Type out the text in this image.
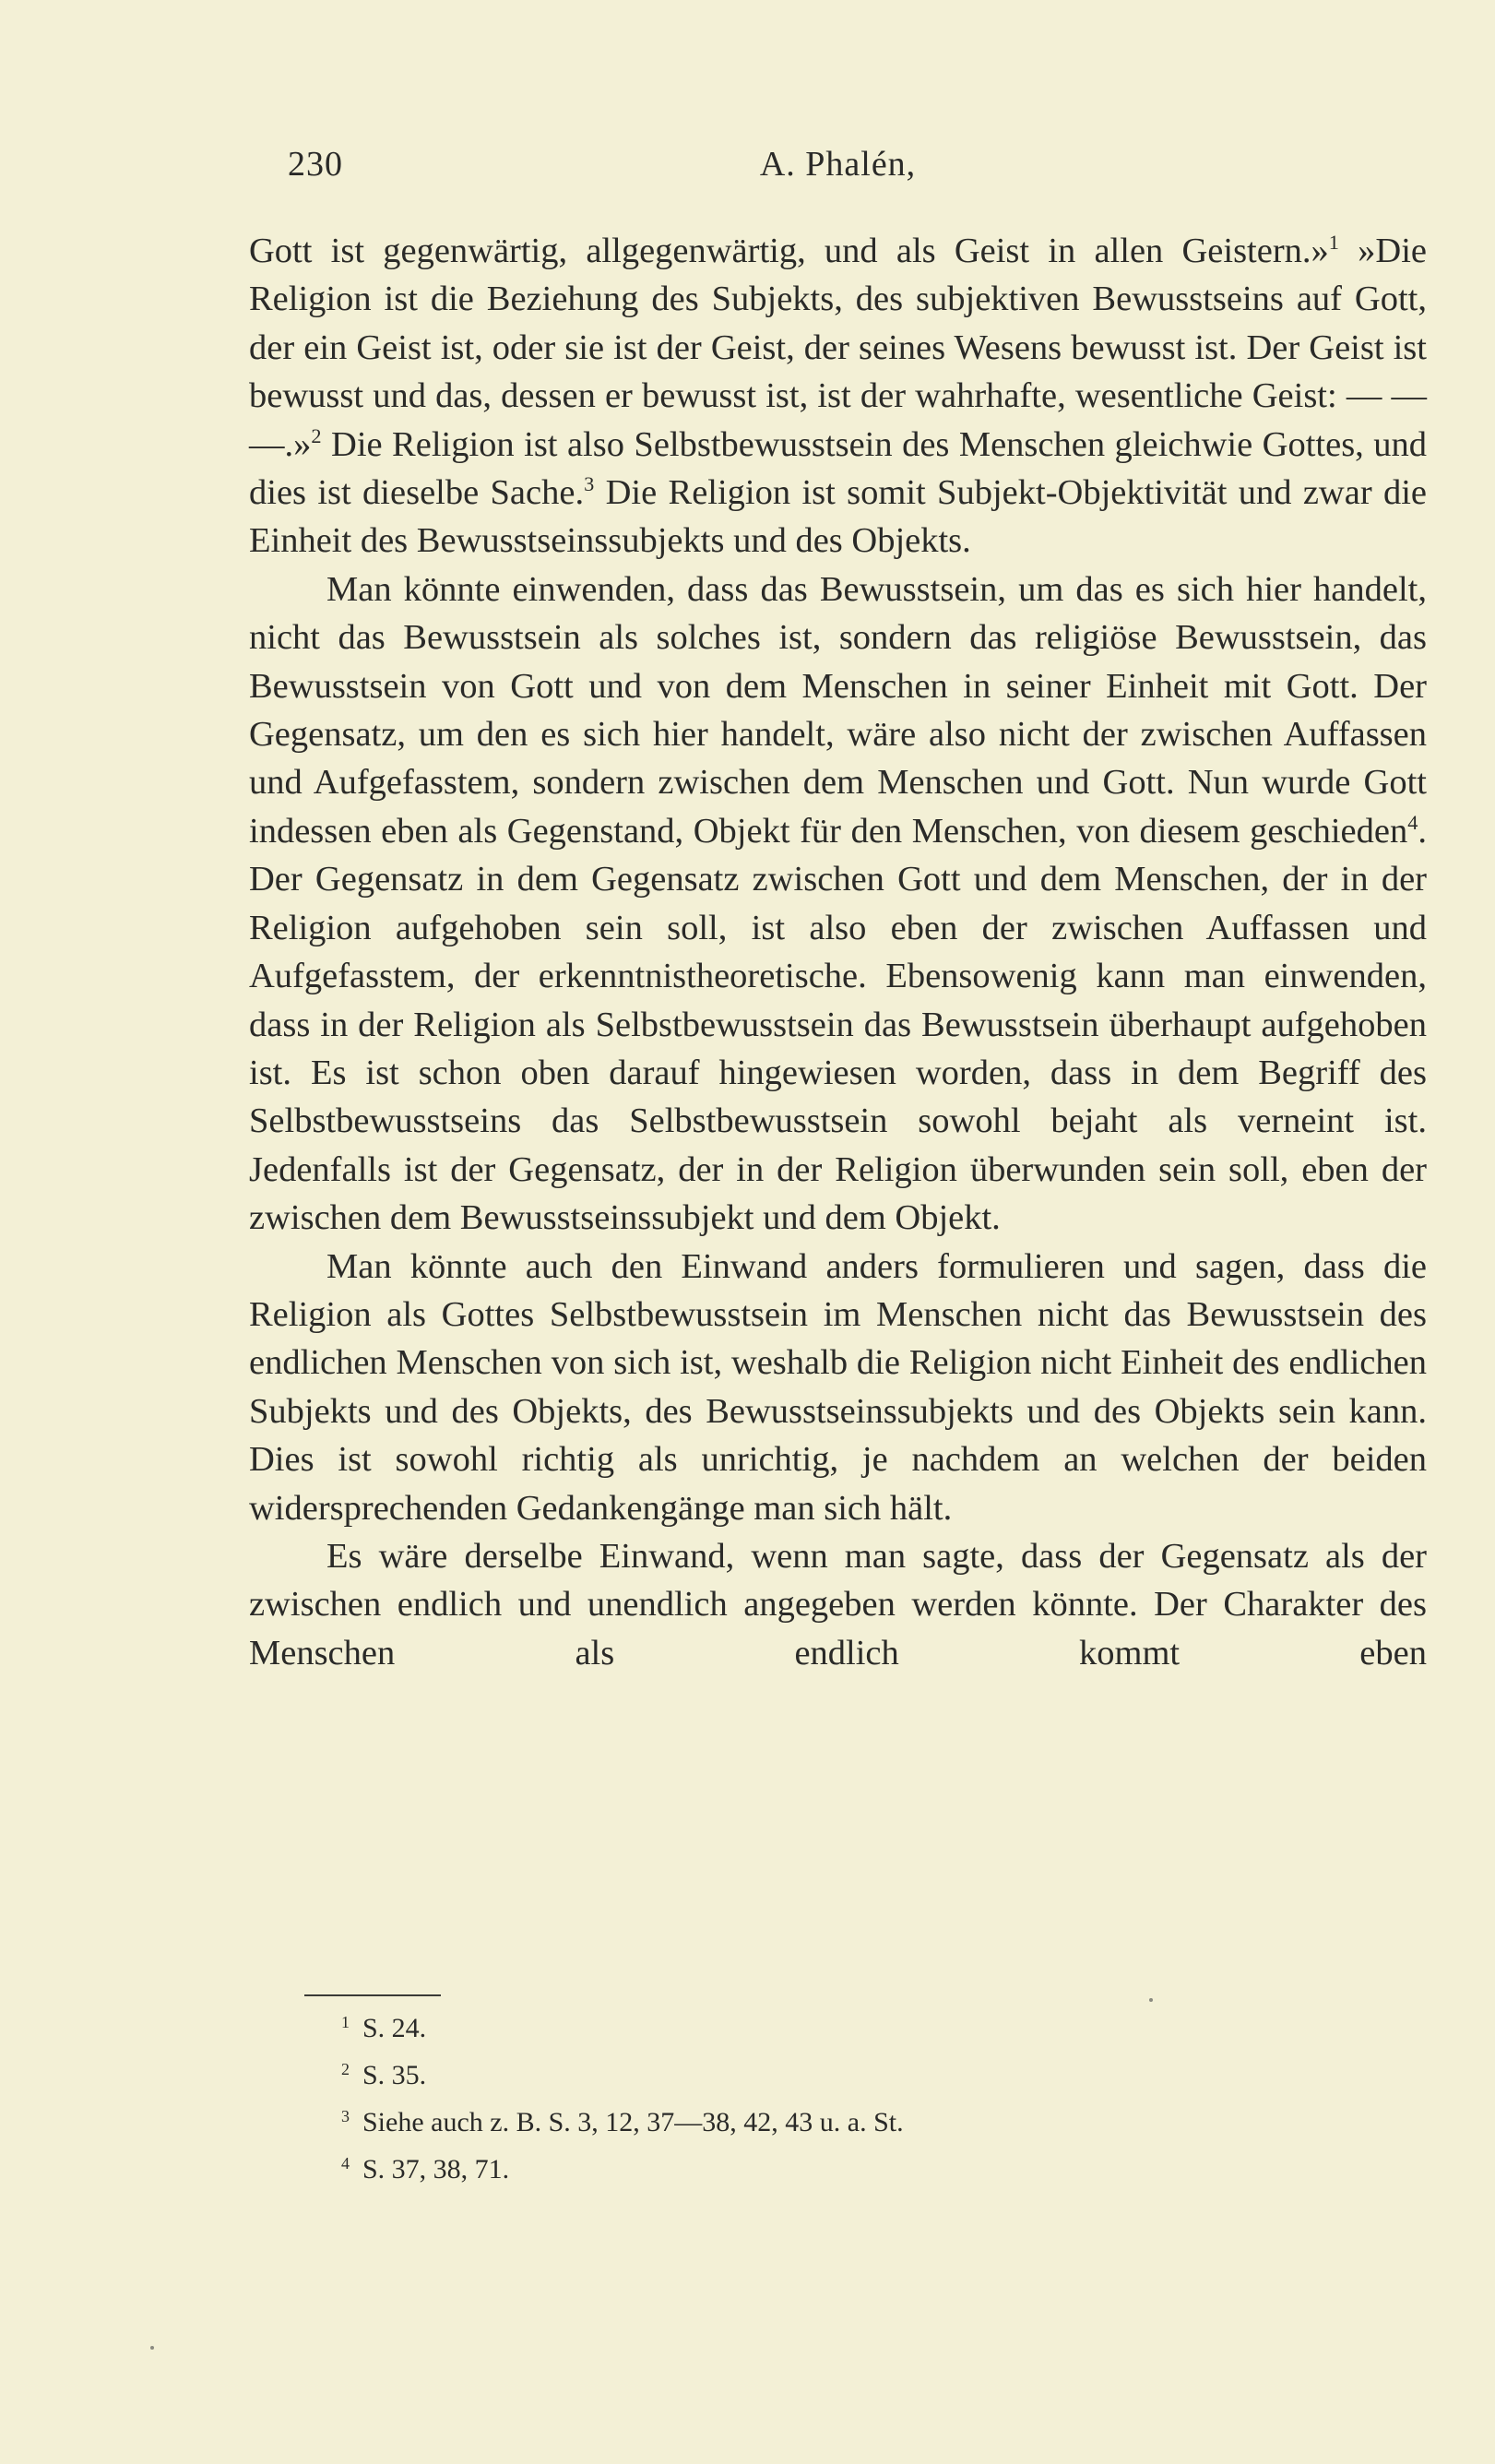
230	A. Phalén,

Gott ist gegenwärtig, allgegenwärtig, und als Geist in allen Geistern.»$^1$ »Die Religion ist die Beziehung des Subjekts, des subjektiven Bewusstseins auf Gott, der ein Geist ist, oder sie ist der Geist, der seines Wesens bewusst ist. Der Geist ist bewusst und das, dessen er bewusst ist, ist der wahrhafte, wesentliche Geist: — — —.»$^2$ Die Religion ist also Selbstbewusstsein des Menschen gleichwie Gottes, und dies ist dieselbe Sache.$^3$ Die Religion ist somit Subjekt-Objektivität und zwar die Einheit des Bewusstseinssubjekts und des Objekts.

Man könnte einwenden, dass das Bewusstsein, um das es sich hier handelt, nicht das Bewusstsein als solches ist, sondern das religiöse Bewusstsein, das Bewusstsein von Gott und von dem Menschen in seiner Einheit mit Gott. Der Gegensatz, um den es sich hier handelt, wäre also nicht der zwischen Auffassen und Aufgefasstem, sondern zwischen dem Menschen und Gott. Nun wurde Gott indessen eben als Gegenstand, Objekt für den Menschen, von diesem geschieden$^4$. Der Gegensatz in dem Gegensatz zwischen Gott und dem Menschen, der in der Religion aufgehoben sein soll, ist also eben der zwischen Auffassen und Aufgefasstem, der erkenntnistheoretische. Ebensowenig kann man einwenden, dass in der Religion als Selbstbewusstsein das Bewusstsein überhaupt aufgehoben ist. Es ist schon oben darauf hingewiesen worden, dass in dem Begriff des Selbstbewusstseins das Selbstbewusstsein sowohl bejaht als verneint ist. Jedenfalls ist der Gegensatz, der in der Religion überwunden sein soll, eben der zwischen dem Bewusstseinssubjekt und dem Objekt.

Man könnte auch den Einwand anders formulieren und sagen, dass die Religion als Gottes Selbstbewusstsein im Menschen nicht das Bewusstsein des endlichen Menschen von sich ist, weshalb die Religion nicht Einheit des endlichen Subjekts und des Objekts, des Bewusstseinssubjekts und des Objekts sein kann. Dies ist sowohl richtig als unrichtig, je nachdem an welchen der beiden widersprechenden Gedankengänge man sich hält.

Es wäre derselbe Einwand, wenn man sagte, dass der Gegensatz als der zwischen endlich und unendlich angegeben werden könnte. Der Charakter des Menschen als endlich kommt eben

$^1$ S. 24.
$^2$ S. 35.
$^3$ Siehe auch z. B. S. 3, 12, 37—38, 42, 43 u. a. St.
$^4$ S. 37, 38, 71.
